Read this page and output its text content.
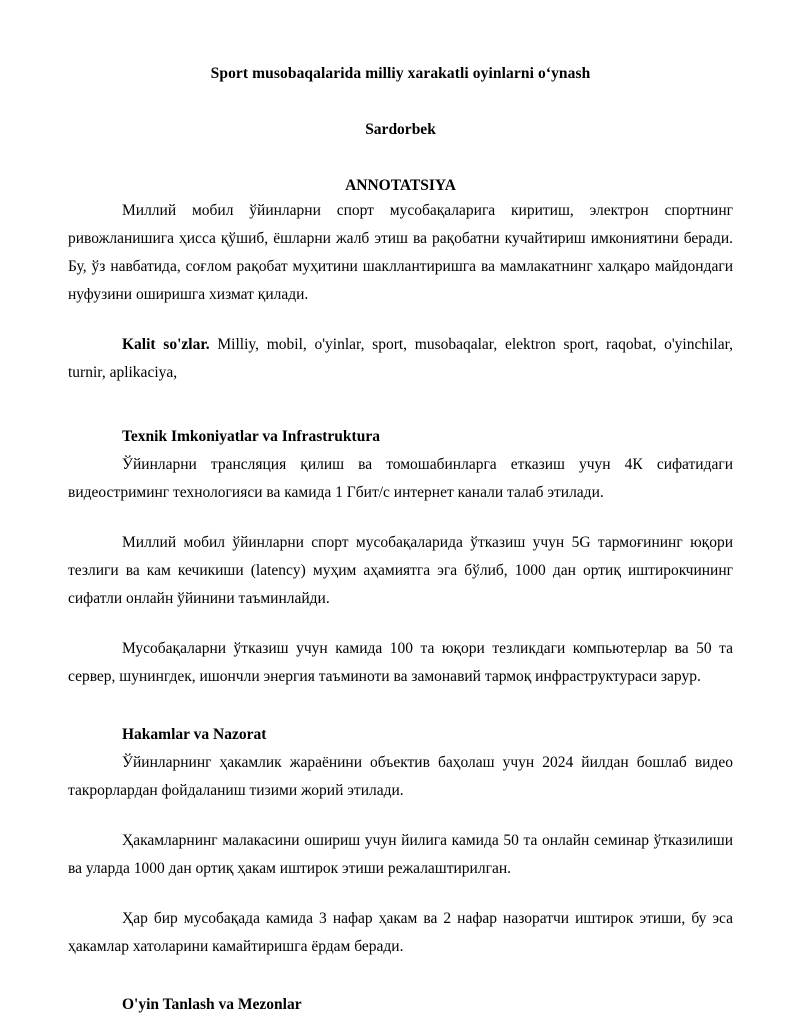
Sport musobaqalarida milliy xarakatli oyinlarni o‘ynash
Sardorbek
ANNOTATSIYA

Миллий мобил ўйинларни спорт мусобақаларига киритиш, электрон спортнинг ривожланишига ҳисса қўшиб, ёшларни жалб этиш ва рақобатни кучайтириш имкониятини беради. Бу, ўз навбатида, соғлом рақобат муҳитини шакллантиришга ва мамлакатнинг халқаро майдондаги нуфузини оширишга хизмат қилади.

Kalit so'zlar. Milliy, mobil, o'yinlar, sport, musobaqalar, elektron sport, raqobat, o'yinchilar, turnir, aplikaciya,

Texnik Imkoniyatlar va Infrastruktura

Ўйинларни трансляция қилиш ва томошабинларга етказиш учун 4К сифатидаги видеостриминг технологияси ва камида 1 Гбит/с интернет канали талаб этилади.

Миллий мобил ўйинларни спорт мусобақаларида ўтказиш учун 5G тармоғининг юқори тезлиги ва кам кечикиши (latency) муҳим аҳамиятга эга бўлиб, 1000 дан ортиқ иштирокчининг сифатли онлайн ўйинини таъминлайди.

Мусобақаларни ўтказиш учун камида 100 та юқори тезликдаги компьютерлар ва 50 та сервер, шунингдек, ишончли энергия таъминоти ва замонавий тармоқ инфраструктураси зарур.

Hakamlar va Nazorat

Ўйинларнинг ҳакамлик жараёнини объектив баҳолаш учун 2024 йилдан бошлаб видео такрорлардан фойдаланиш тизими жорий этилади.

Ҳакамларнинг малакасини ошириш учун йилига камида 50 та онлайн семинар ўтказилиши ва уларда 1000 дан ортиқ ҳакам иштирок этиши режалаштирилган.

Ҳар бир мусобақада камида 3 нафар ҳакам ва 2 нафар назоратчи иштирок этиши, бу эса ҳакамлар хатоларини камайтиришга ёрдам беради.

O'yin Tanlash va Mezonlar
